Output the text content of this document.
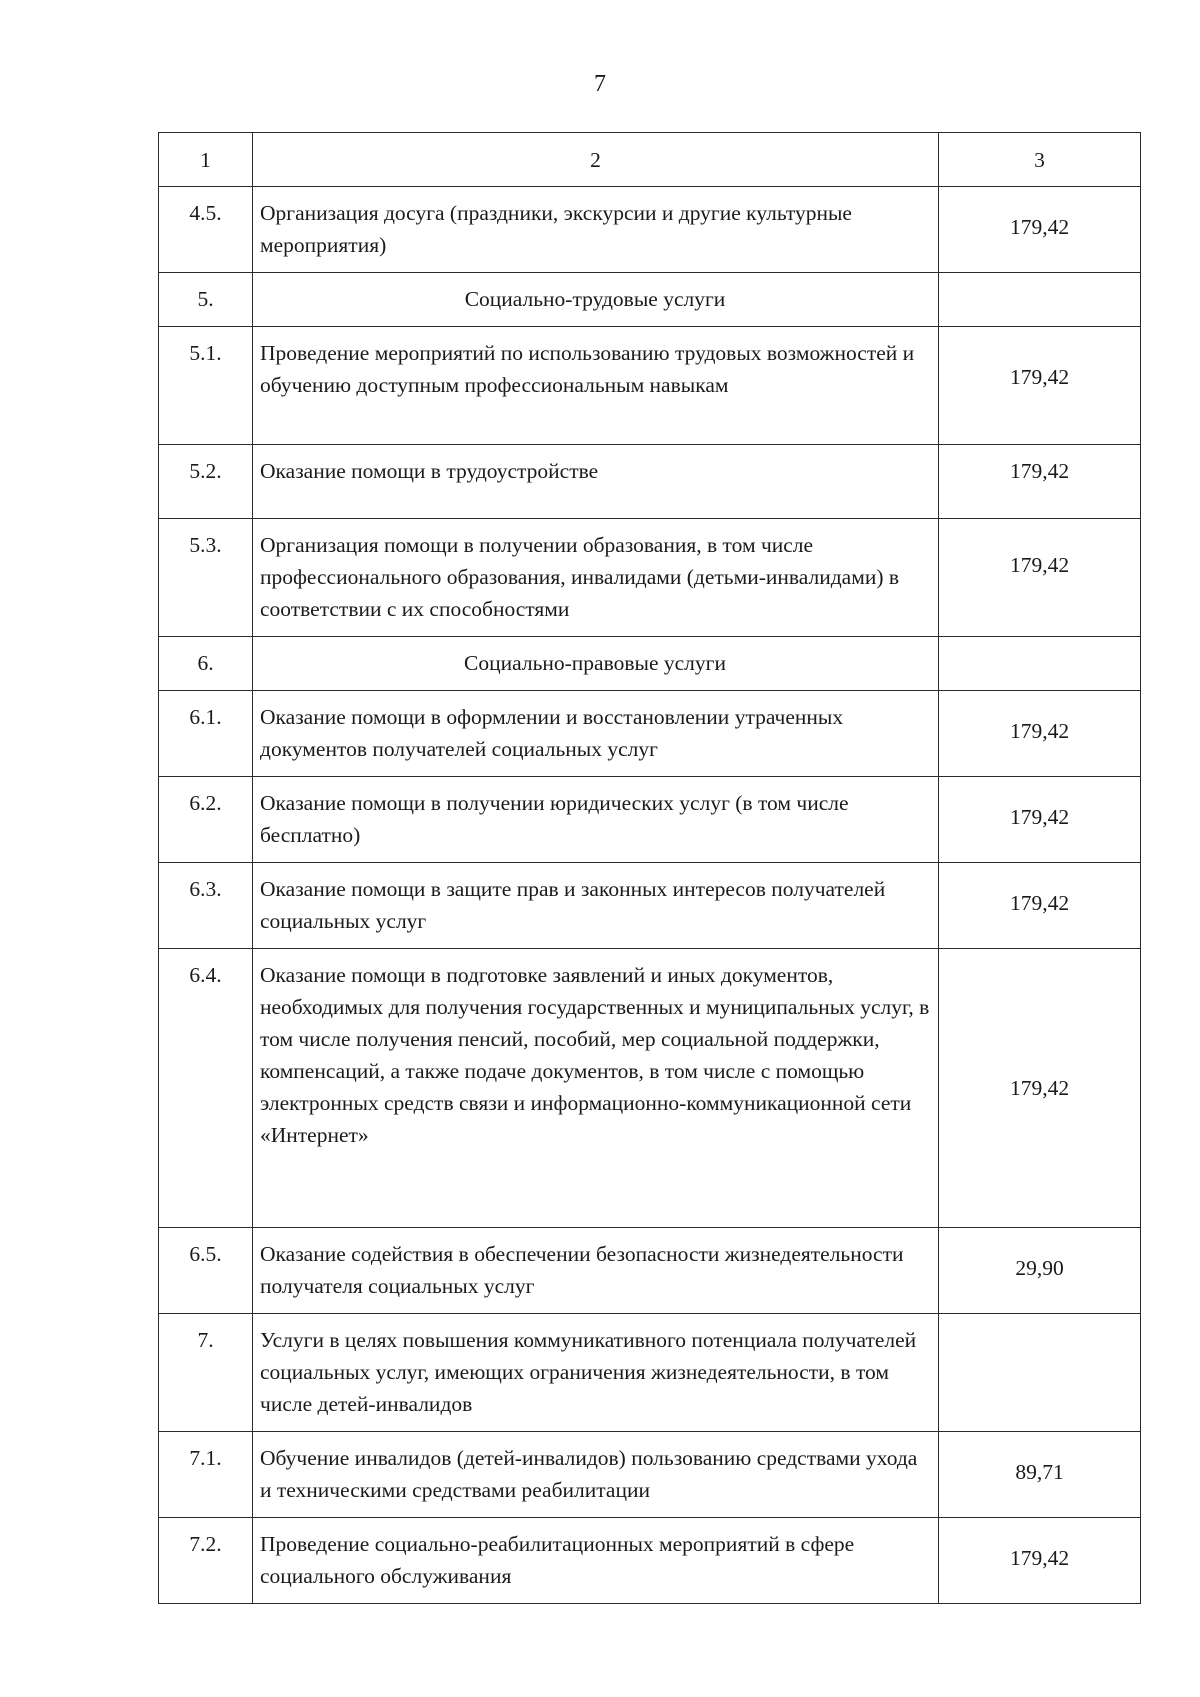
7
1	2	3
4.5.	Организация досуга (праздники, экскурсии и другие культурные мероприятия)	179,42
5.	Социально-трудовые услуги	
5.1.	Проведение мероприятий по использованию трудовых возможностей и обучению доступным профессиональным навыкам	179,42
5.2.	Оказание помощи в трудоустройстве	179,42
5.3.	Организация помощи в получении образования, в том числе профессионального образования, инвалидами (детьми-инвалидами) в соответствии с их способностями	179,42
6.	Социально-правовые услуги	
6.1.	Оказание помощи в оформлении и восстановлении утраченных документов получателей социальных услуг	179,42
6.2.	Оказание помощи в получении юридических услуг (в том числе бесплатно)	179,42
6.3.	Оказание помощи в защите прав и законных интересов получателей социальных услуг	179,42
6.4.	Оказание помощи в подготовке заявлений и иных документов, необходимых для получения государственных и муниципальных услуг, в том числе получения пенсий, пособий, мер социальной поддержки, компенсаций, а также подаче документов, в том числе с помощью электронных средств связи и информационно-коммуникационной сети «Интернет»	179,42
6.5.	Оказание содействия в обеспечении безопасности жизнедеятельности получателя социальных услуг	29,90
7.	Услуги в целях повышения коммуникативного потенциала получателей социальных услуг, имеющих ограничения жизнедеятельности, в том числе детей-инвалидов	
7.1.	Обучение инвалидов (детей-инвалидов) пользованию средствами ухода и техническими средствами реабилитации	89,71
7.2.	Проведение социально-реабилитационных мероприятий в сфере социального обслуживания	179,42
